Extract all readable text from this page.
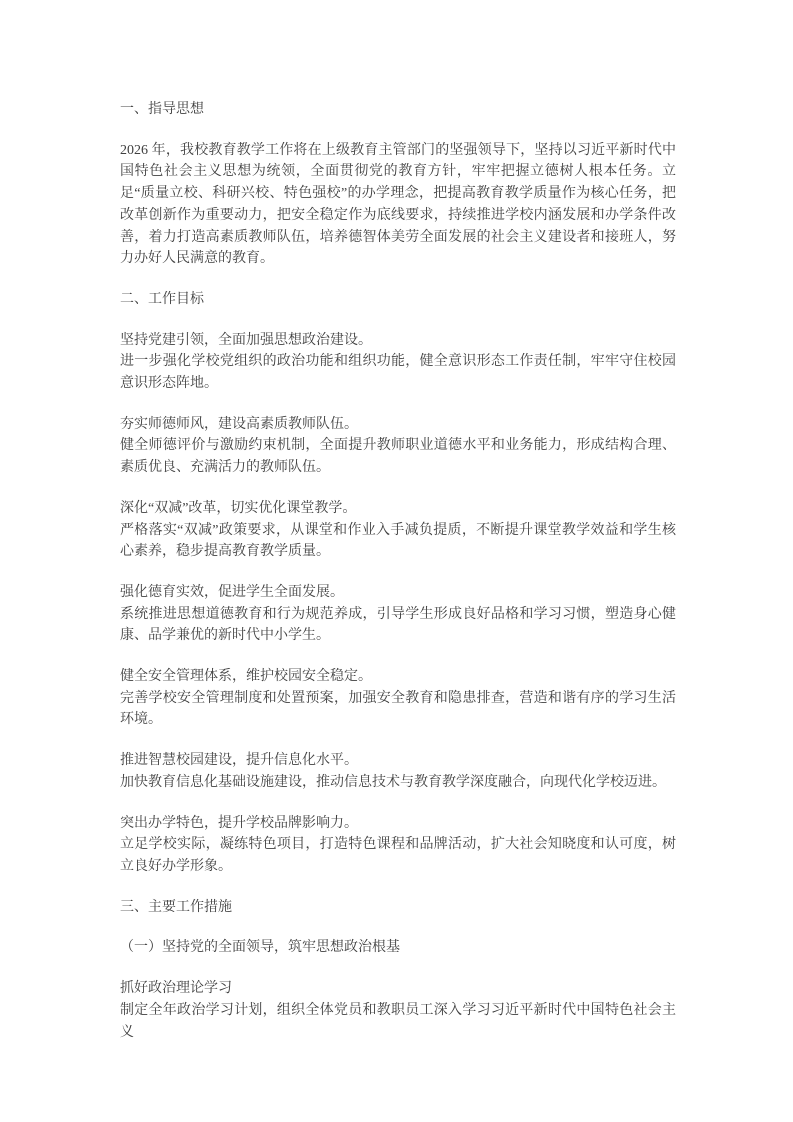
一、指导思想

2026 年，我校教育教学工作将在上级教育主管部门的坚强领导下，坚持以习近平新时代中国特色社会主义思想为统领，全面贯彻党的教育方针，牢牢把握立德树人根本任务。立足“质量立校、科研兴校、特色强校”的办学理念，把提高教育教学质量作为核心任务，把改革创新作为重要动力，把安全稳定作为底线要求，持续推进学校内涵发展和办学条件改善，着力打造高素质教师队伍，培养德智体美劳全面发展的社会主义建设者和接班人，努力办好人民满意的教育。

二、工作目标

坚持党建引领，全面加强思想政治建设。
进一步强化学校党组织的政治功能和组织功能，健全意识形态工作责任制，牢牢守住校园意识形态阵地。

夯实师德师风，建设高素质教师队伍。
健全师德评价与激励约束机制，全面提升教师职业道德水平和业务能力，形成结构合理、素质优良、充满活力的教师队伍。

深化“双减”改革，切实优化课堂教学。
严格落实“双减”政策要求，从课堂和作业入手减负提质，不断提升课堂教学效益和学生核心素养，稳步提高教育教学质量。

强化德育实效，促进学生全面发展。
系统推进思想道德教育和行为规范养成，引导学生形成良好品格和学习习惯，塑造身心健康、品学兼优的新时代中小学生。

健全安全管理体系，维护校园安全稳定。
完善学校安全管理制度和处置预案，加强安全教育和隐患排查，营造和谐有序的学习生活环境。

推进智慧校园建设，提升信息化水平。
加快教育信息化基础设施建设，推动信息技术与教育教学深度融合，向现代化学校迈进。

突出办学特色，提升学校品牌影响力。
立足学校实际，凝练特色项目，打造特色课程和品牌活动，扩大社会知晓度和认可度，树立良好办学形象。

三、主要工作措施

（一）坚持党的全面领导，筑牢思想政治根基

抓好政治理论学习
制定全年政治学习计划，组织全体党员和教职员工深入学习习近平新时代中国特色社会主义
